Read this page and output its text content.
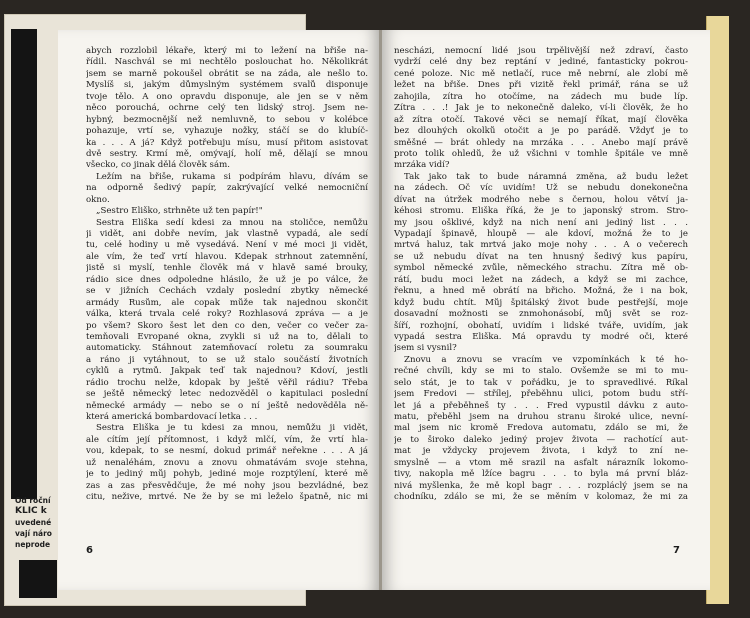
Od roční
KLIČ k
uvedené
vají náro
neprode
abych rozzlobil lékaře, který mi to ležení na břiše na-
řídil. Naschvál se mi nechtělo poslouchat ho. Několikrát
jsem se marně pokoušel obrátit se na záda, ale nešlo to.
Myslíš si, jakým důmyslným systémem svalů disponuje
tvoje tělo. A ono opravdu disponuje, ale jen se v něm
něco porouchá, ochrne celý ten lidský stroj. Jsem ne-
hybný, bezmocnější než nemluvně, to sebou v kolébce
pohazuje, vrtí se, vyhazuje nožky, stáčí se do klubíč-
ka . . . A já? Když potřebuju mísu, musí přitom asistovat
dvě sestry. Krmí mě, omývají, holí mě, dělají se mnou
všecko, co jinak dělá člověk sám.
Ležím na břiše, rukama si podpírám hlavu, dívám se
na odporně šedivý papír, zakrývající velké nemocniční
okno.
„Sestro Eliško, strhněte už ten papír!"
Sestra Eliška sedí kdesi za mnou na stoličce, nemůžu
ji vidět, ani dobře nevím, jak vlastně vypadá, ale sedí
tu, celé hodiny u mě vysedává. Není v mé moci ji vidět,
ale vím, že teď vrtí hlavou. Kdepak strhnout zatemnění,
jistě si myslí, tenhle člověk má v hlavě samé brouky,
rádio sice dnes odpoledne hlásilo, že už je po válce, že
se v jižních Čechách vzdaly poslední zbytky německé
armády Rusům, ale copak může tak najednou skončit
válka, která trvala celé roky? Rozhlasová zpráva — a je
po všem? Skoro šest let den co den, večer co večer za-
temňovali Evropané okna, zvykli si už na to, dělali to
automaticky. Stáhnout zatemňovací roletu za soumraku
a ráno ji vytáhnout, to se už stalo součástí životních
cyklů a rytmů. Jakpak teď tak najednou? Kdoví, jestli
rádio trochu nelže, kdopak by ještě věřil rádiu? Třeba
se ještě německý letec nedozvěděl o kapitulaci poslední
německé armády — nebo se o ní ještě nedověděla ně-
která americká bombardovací letka . . .
Sestra Eliška je tu kdesi za mnou, nemůžu ji vidět,
ale cítím její přítomnost, i když mlčí, vím, že vrtí hla-
vou, kdepak, to se nesmí, dokud primář neřekne . . . A já
už nenaléhám, znovu a znovu ohmatávám svoje stehna,
je to jediný můj pohyb, jediné moje rozptýlení, které mě
zas a zas přesvědčuje, že mé nohy jsou bezvládné, bez
citu, nežive, mrtvé. Ne že by se mi leželo špatně, nic mi
6
nescházi, nemocní lidé jsou trpělivější než zdraví, často
vydrží celé dny bez reptání v jediné, fantasticky pokrou-
cené poloze. Nic mě netlačí, ruce mě nebrní, ale zlobí mě
ležet na břiše. Dnes při vizitě řekl primář, rána se už
zahojila, zítra ho otočíme, na zádech mu bude líp.
Zítra . . .! Jak je to nekonečně daleko, ví-li člověk, že ho
až zítra otočí. Takové věci se nemají říkat, mají člověka
bez dlouhých okolků otočit a je po parádě. Vždyť je to
směšné — brát ohledy na mrzáka . . . Anebo mají právě
proto tolik ohledů, že už všichni v tomhle špitále ve mně
mrzáka vidí?
Tak jako tak to bude náramná změna, až budu ležet
na zádech. Oč víc uvidím! Už se nebudu donekonečna
dívat na útržek modrého nebe s černou, holou větví ja-
kéhosi stromu. Eliška říká, že je to japonský strom. Stro-
my jsou ošklivé, když na nich není ani jediný list . . .
Vypadají špinavě, hloupě — ale kdoví, možná že to je
mrtvá haluz, tak mrtvá jako moje nohy . . . A o večerech
se už nebudu dívat na ten hnusný šedivý kus papíru,
symbol německé zvůle, německého strachu. Zítra mě ob-
rátí, budu moci ležet na zádech, a když se mi zachce,
řeknu, a hned mě obrátí na břicho. Možná, že i na bok,
když budu chtít. Můj špitálský život bude pestřejší, moje
dosavadní možnosti se znmohonásobí, můj svět se roz-
šíří, rozhojní, obohatí, uvidím i lidské tváře, uvidím, jak
vypadá sestra Eliška. Má opravdu ty modré oči, které
jsem si vysnil?
Znovu a znovu se vracím ve vzpomínkách k té ho-
rečné chvíli, kdy se mi to stalo. Ovšemže se mi to mu-
selo stát, je to tak v pořádku, je to spravedlivé. Říkal
jsem Fredovi — střílej, přeběhnu ulici, potom budu stří-
let já a přeběhneš ty . . . Fred vypustil dávku z auto-
matu, přeběhl jsem na druhou stranu široké ulice, nevní-
mal jsem nic kromě Fredova automatu, zdálo se mi, že
je to široko daleko jediný projev života — rachotící aut-
mat je vždycky projevem života, i když to zní ne-
smyslně — a vtom mě srazil na asfalt nárazník lokomo-
tivy, nakopla mě lžíce bagru . . . to byla má první bláz-
nivá myšlenka, že mě kopl bagr . . . rozpláclý jsem se na
chodníku, zdálo se mi, že se měním v kolomaz, že mi za
7
